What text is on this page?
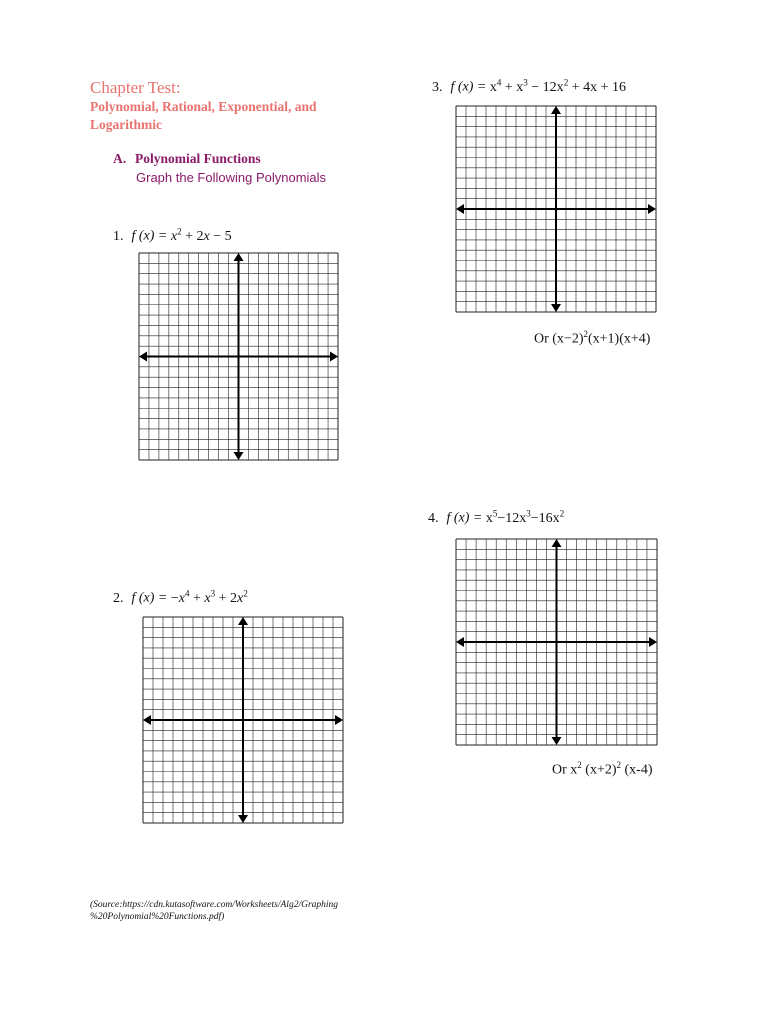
Chapter Test:
Polynomial, Rational, Exponential, and Logarithmic
A. Polynomial Functions
Graph the Following Polynomials
1. f $(x) = x^2 + 2x - 5$
2. f $(x) = -x^4 + x^3 + 2x^2$
3. f $(x) = x^4 + x^3 - 12x^2 + 4x + 16$
Or $(x-2)^2(x+1)(x+4)$
4. f $(x) = x^5-12x^3-16x^2$
Or $x^2$ $(x+2)^2$ (x-4)
(Source:https://cdn.kutasoftware.com/Worksheets/Alg2/Graphing %20Polynomial%20Functions.pdf)
